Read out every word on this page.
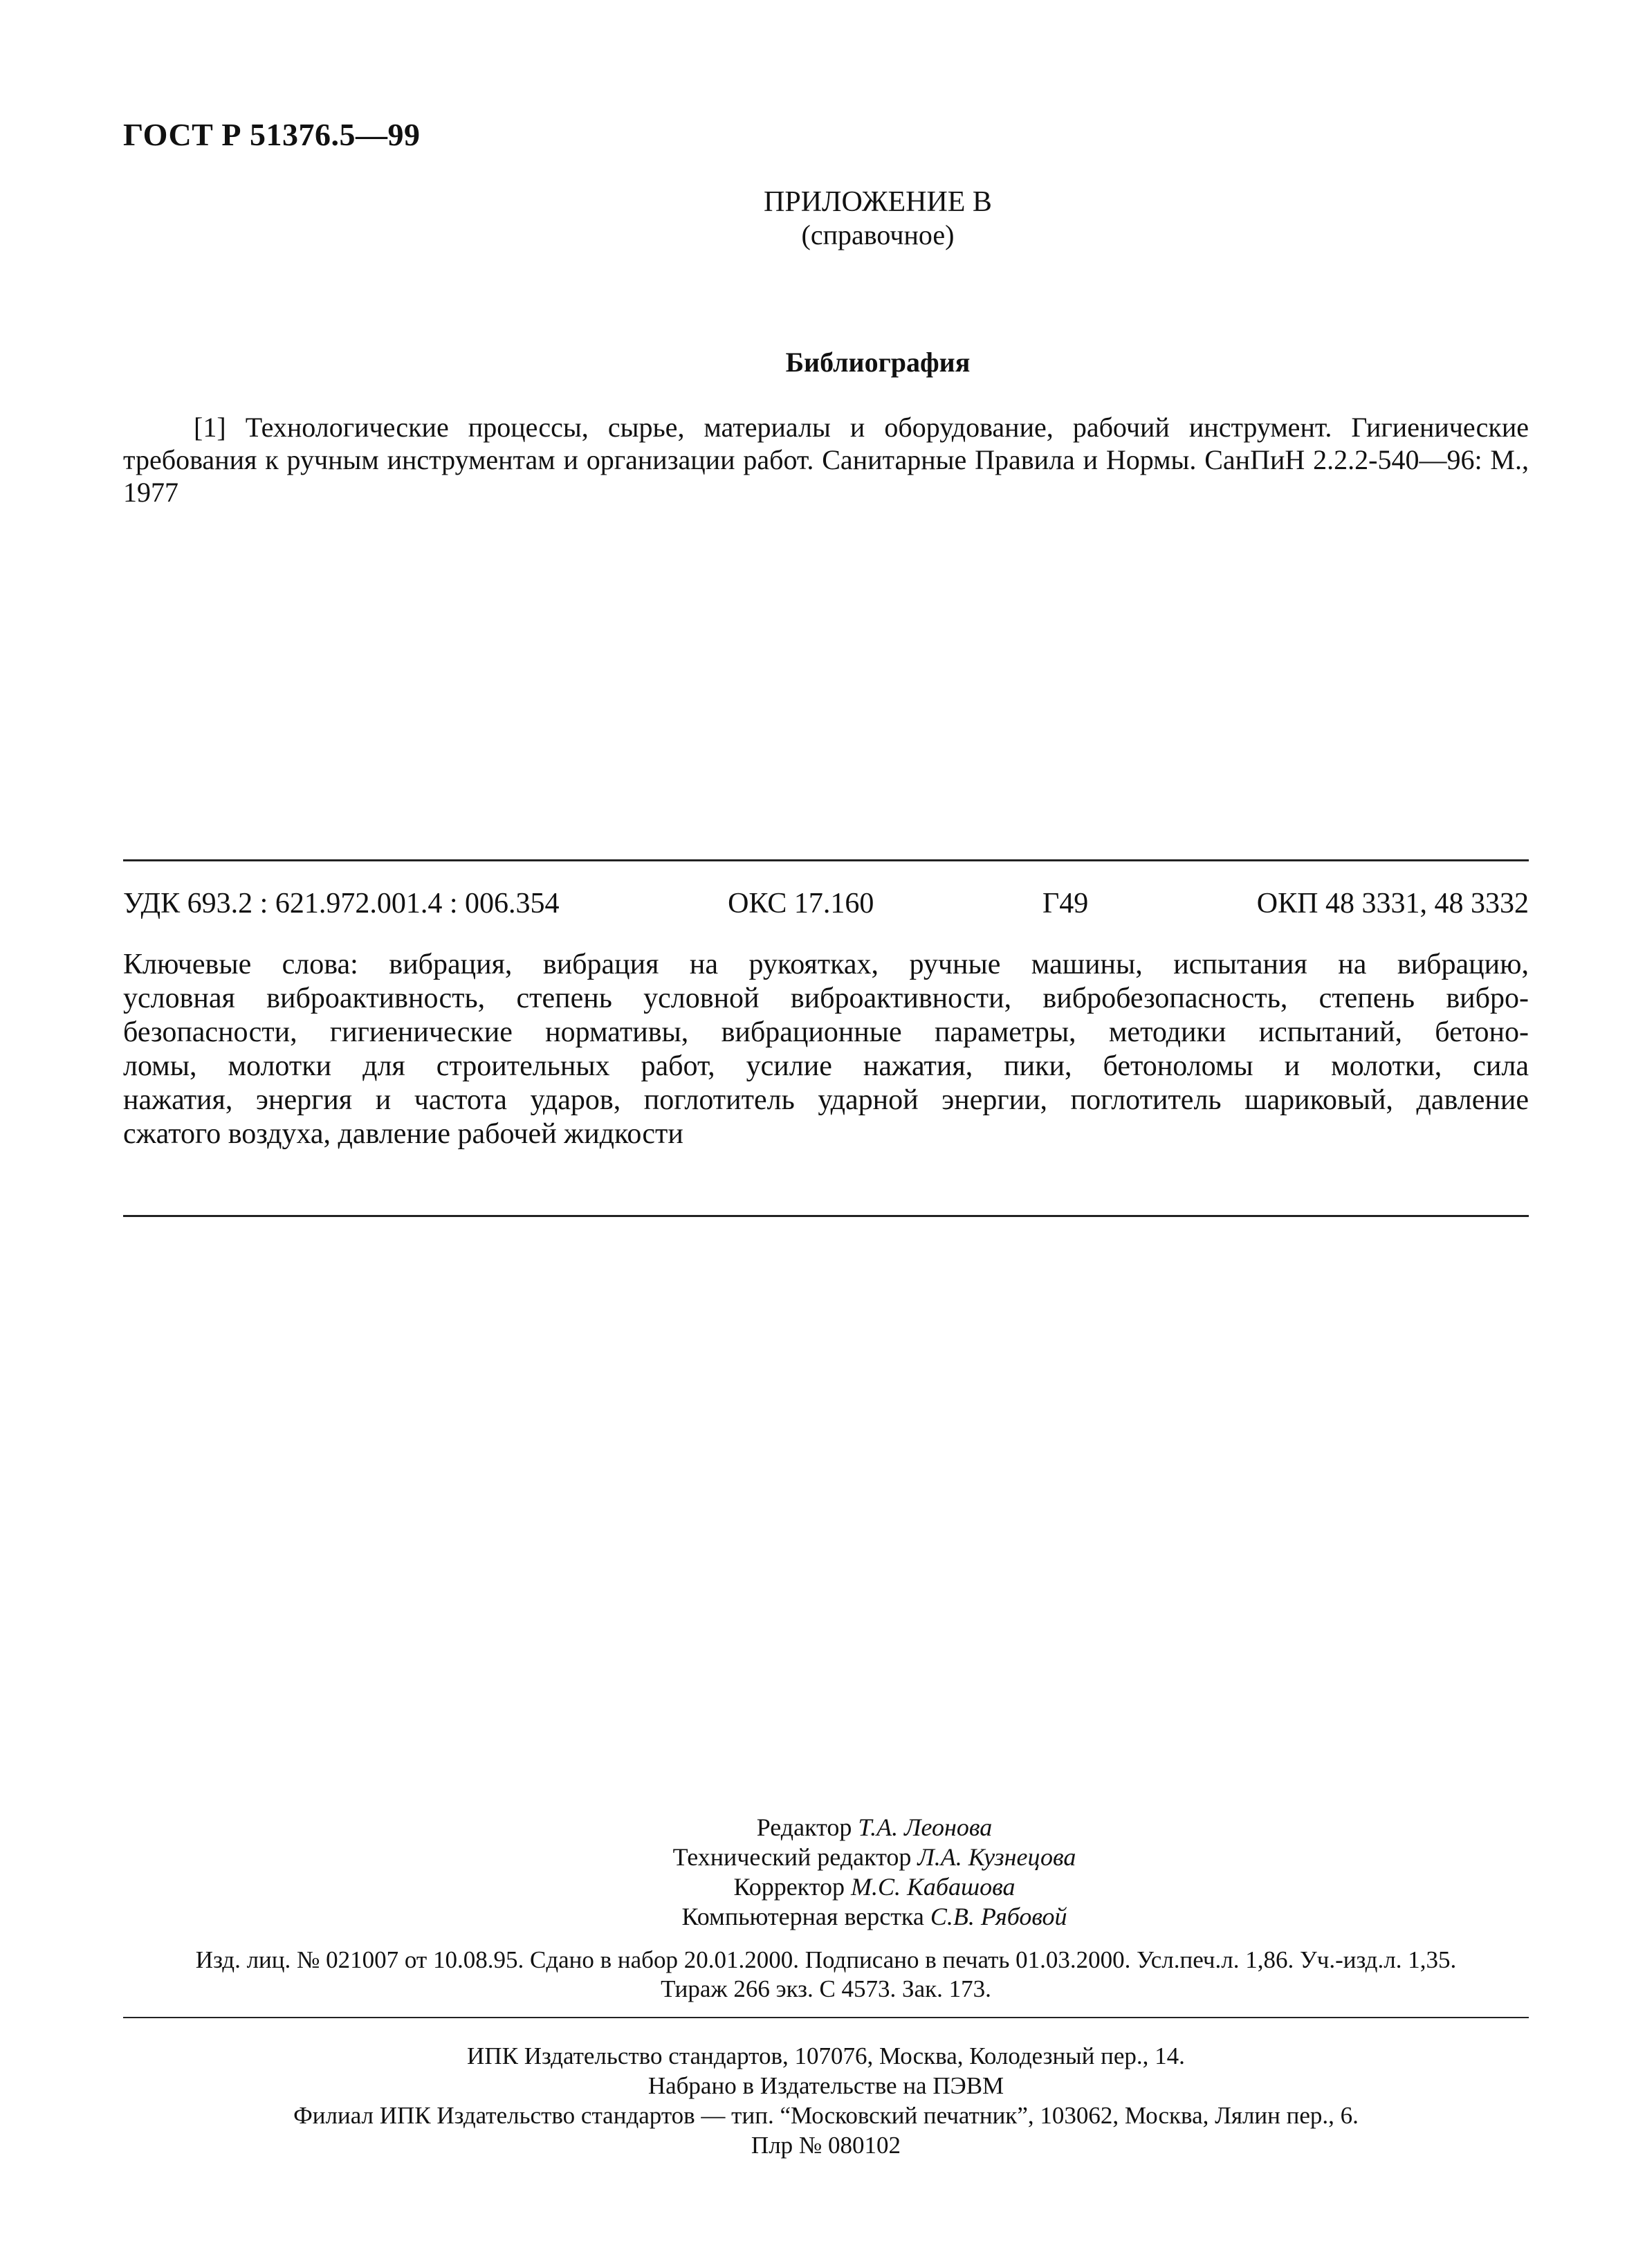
ГОСТ Р 51376.5—99
ПРИЛОЖЕНИЕ В
(справочное)
Библиография
[1] Технологические процессы, сырье, материалы и оборудование, рабочий инструмент. Гигиенические требования к ручным инструментам и организации работ. Санитарные Правила и Нормы. СанПиН 2.2.2-540—96: М., 1977
УДК 693.2 : 621.972.001.4 : 006.354	ОКС 17.160	Г49	ОКП 48 3331, 48 3332
Ключевые слова: вибрация, вибрация на рукоятках, ручные машины, испытания на вибрацию,
условная виброактивность, степень условной виброактивности, вибробезопасность, степень вибро-
безопасности, гигиенические нормативы, вибрационные параметры, методики испытаний, бетоно-
ломы, молотки для строительных работ, усилие нажатия, пики, бетоноломы и молотки, сила
нажатия, энергия и частота ударов, поглотитель ударной энергии, поглотитель шариковый, давление
сжатого воздуха, давление рабочей жидкости
Редактор Т.А. Леонова
Технический редактор Л.А. Кузнецова
Корректор М.С. Кабашова
Компьютерная верстка С.В. Рябовой
Изд. лиц. № 021007 от 10.08.95. Сдано в набор 20.01.2000. Подписано в печать 01.03.2000. Усл.печ.л. 1,86. Уч.-изд.л. 1,35.
Тираж 266 экз. С 4573. Зак. 173.
ИПК Издательство стандартов, 107076, Москва, Колодезный пер., 14.
Набрано в Издательстве на ПЭВМ
Филиал ИПК Издательство стандартов — тип. “Московский печатник”, 103062, Москва, Лялин пер., 6.
Плр № 080102
